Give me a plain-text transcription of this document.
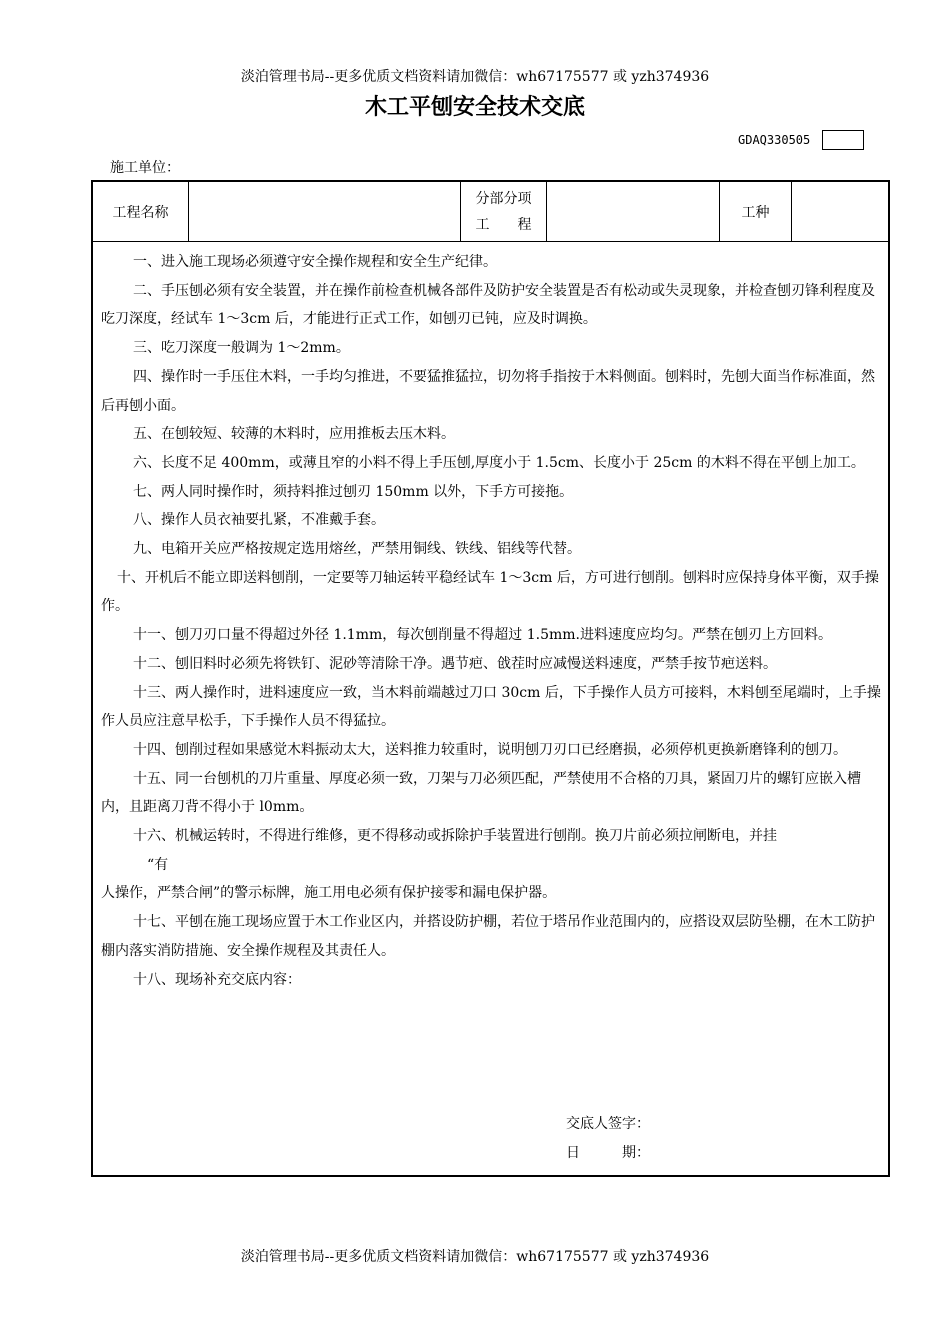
淡泊管理书局--更多优质文档资料请加微信：wh67175577 或 yzh374936
木工平刨安全技术交底
GDAQ330505
施工单位：
工程名称
分部分项
工　　程
工种

一、进入施工现场必须遵守安全操作规程和安全生产纪律。

二、手压刨必须有安全装置，并在操作前检查机械各部件及防护安全装置是否有松动或失灵现象，并检查刨刃锋利程度及吃刀深度，经试车 1～3cm 后，才能进行正式工作，如刨刃已钝，应及时调换。

三、吃刀深度一般调为 1～2mm。

四、操作时一手压住木料，一手均匀推进，不要猛推猛拉，切勿将手指按于木料侧面。刨料时，先刨大面当作标准面，然后再刨小面。

五、在刨较短、较薄的木料时，应用推板去压木料。

六、长度不足 400mm，或薄且窄的小料不得上手压刨,厚度小于 1.5cm、长度小于 25cm 的木料不得在平刨上加工。

七、两人同时操作时，须持料推过刨刃 150mm 以外，下手方可接拖。

八、操作人员衣袖要扎紧，不准戴手套。

九、电箱开关应严格按规定选用熔丝，严禁用铜线、铁线、铝线等代替。

十、开机后不能立即送料刨削，一定要等刀轴运转平稳经试车 1～3cm 后，方可进行刨削。刨料时应保持身体平衡，双手操作。

十一、刨刀刃口量不得超过外径 1.1mm，每次刨削量不得超过 1.5mm.进料速度应均匀。严禁在刨刃上方回料。

十二、刨旧料时必须先将铁钉、泥砂等清除干净。遇节疤、戗茬时应减慢送料速度，严禁手按节疤送料。

十三、两人操作时，进料速度应一致，当木料前端越过刀口 30cm 后，下手操作人员方可接料，木料刨至尾端时，上手操作人员应注意早松手，下手操作人员不得猛拉。

十四、刨削过程如果感觉木料振动太大，送料推力较重时，说明刨刀刃口已经磨损，必须停机更换新磨锋利的刨刀。

十五、同一台刨机的刀片重量、厚度必须一致，刀架与刀必须匹配，严禁使用不合格的刀具，紧固刀片的螺钉应嵌入槽内，且距离刀背不得小于 l0mm。

十六、机械运转时，不得进行维修，更不得移动或拆除护手装置进行刨削。换刀片前必须拉闸断电，并挂

“有

人操作，严禁合闸”的警示标牌，施工用电必须有保护接零和漏电保护器。

十七、平刨在施工现场应置于木工作业区内，并搭设防护棚，若位于塔吊作业范围内的，应搭设双层防坠棚，在木工防护棚内落实消防措施、安全操作规程及其责任人。

十八、现场补充交底内容：

交底人签字：
日　　　期：
淡泊管理书局--更多优质文档资料请加微信：wh67175577 或 yzh374936
